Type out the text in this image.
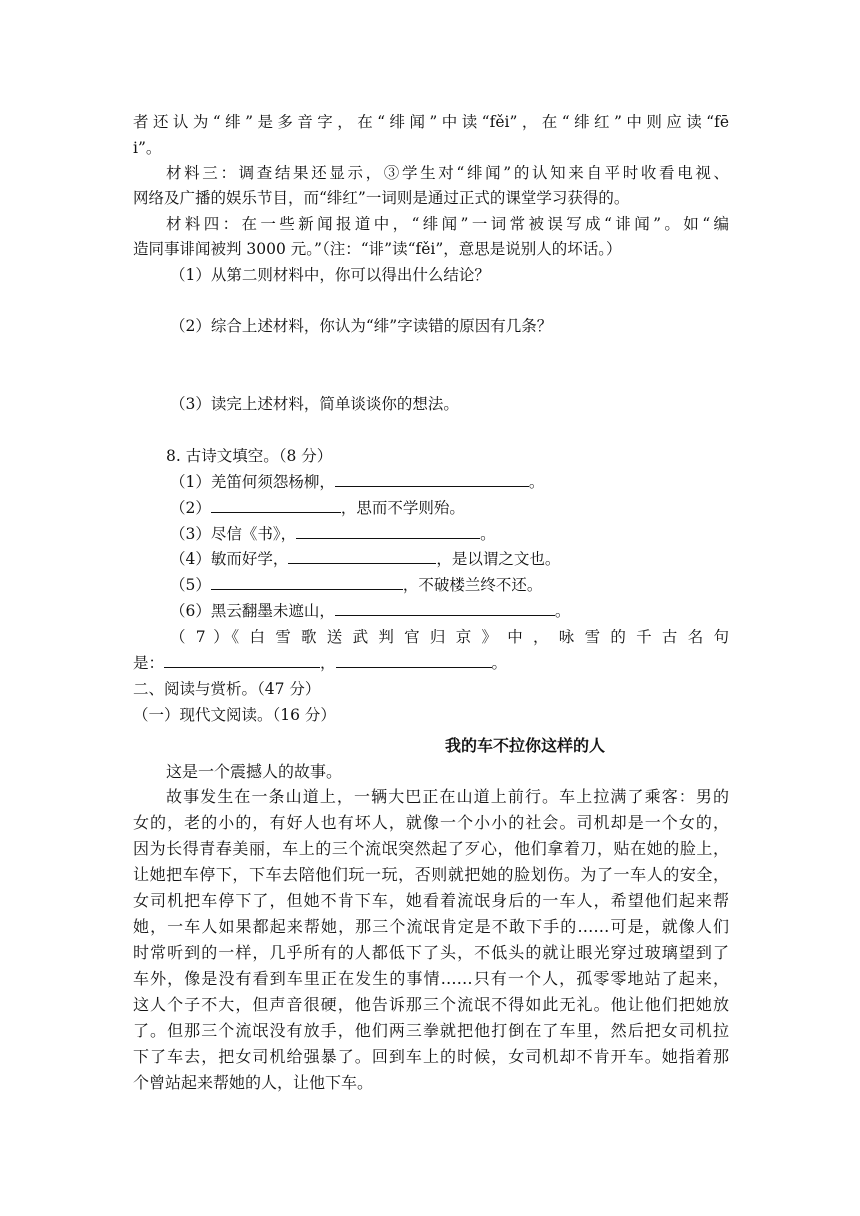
者还认为“绯”是多音字，在“绯闻”中读“fěi”，在“绯红”中则应读“fē
i”。
材料三：调查结果还显示，③学生对“绯闻”的认知来自平时收看电视、
网络及广播的娱乐节目，而“绯红”一词则是通过正式的课堂学习获得的。
材料四：在一些新闻报道中，“绯闻”一词常被误写成“诽闻”。如“编
造同事诽闻被判 3000 元。”（注：“诽”读“fěi”，意思是说别人的坏话。）
（1）从第二则材料中，你可以得出什么结论？
（2）综合上述材料，你认为“绯”字读错的原因有几条？
（3）读完上述材料，简单谈谈你的想法。
8. 古诗文填空。（8 分）
（1）羌笛何须怨杨柳，	。
（2）	，思而不学则殆。
（3）尽信《书》，	。
（4）敏而好学，	，是以谓之文也。
（5）	，不破楼兰终不还。
（6）黑云翻墨未遮山，	。
（ 7 ）《 白 雪 歌 送 武 判 官 归 京 》 中 ， 咏 雪 的 千 古 名 句
是：	，	。
二、阅读与赏析。（47 分）
（一）现代文阅读。（16 分）
我的车不拉你这样的人
这是一个震撼人的故事。
故事发生在一条山道上，一辆大巴正在山道上前行。车上拉满了乘客：男的
女的，老的小的，有好人也有坏人，就像一个小小的社会。司机却是一个女的，
因为长得青春美丽，车上的三个流氓突然起了歹心，他们拿着刀，贴在她的脸上，
让她把车停下，下车去陪他们玩一玩，否则就把她的脸划伤。为了一车人的安全，
女司机把车停下了，但她不肯下车，她看着流氓身后的一车人，希望他们起来帮
她，一车人如果都起来帮她，那三个流氓肯定是不敢下手的……可是，就像人们
时常听到的一样，几乎所有的人都低下了头，不低头的就让眼光穿过玻璃望到了
车外，像是没有看到车里正在发生的事情……只有一个人，孤零零地站了起来，
这人个子不大，但声音很硬，他告诉那三个流氓不得如此无礼。他让他们把她放
了。但那三个流氓没有放手，他们两三拳就把他打倒在了车里，然后把女司机拉
下了车去，把女司机给强暴了。回到车上的时候，女司机却不肯开车。她指着那
个曾站起来帮她的人，让他下车。
